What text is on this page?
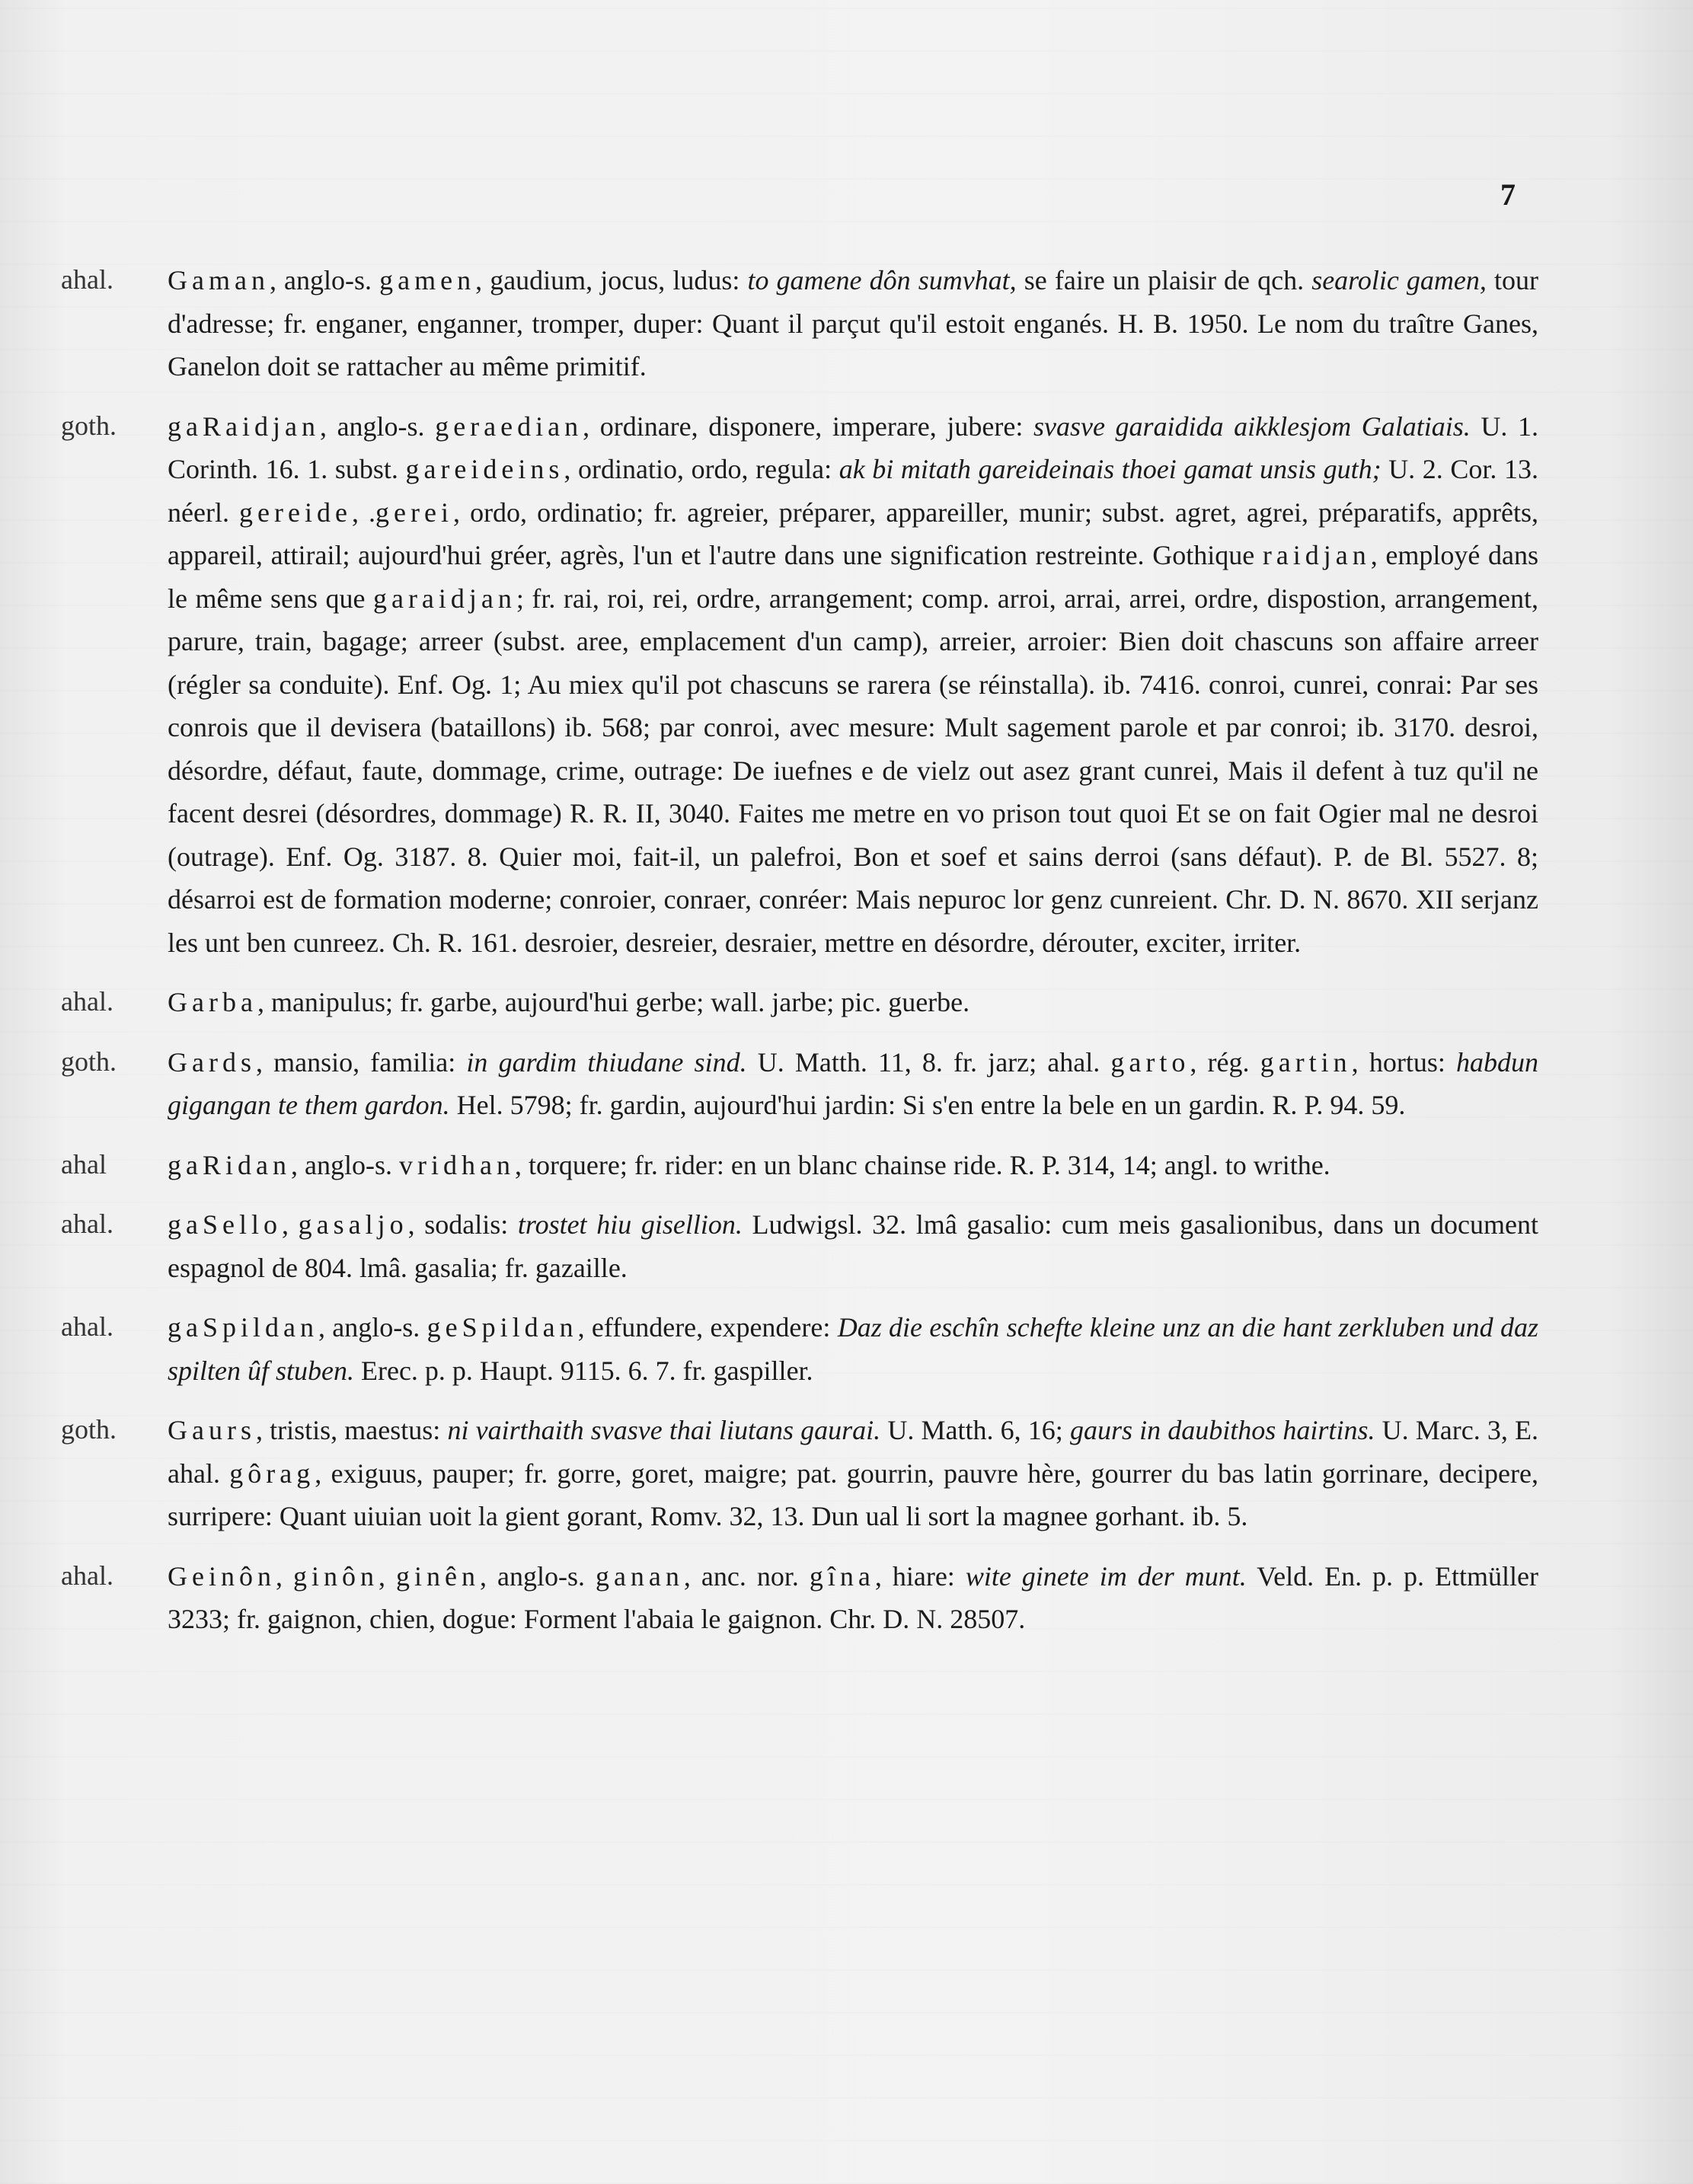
7
ahal.	Gaman, anglo-s. gamen, gaudium, jocus, ludus: to gamene dôn sumvhat, se faire un plaisir de qch. searolic gamen, tour d'adresse; fr. enganer, enganner, tromper, duper: Quant il parçut qu'il estoit enganés. H. B. 1950. Le nom du traître Ganes, Ganelon doit se rattacher au même primitif.
goth.	gaRaidjan, anglo-s. geraedian, ordinare, disponere, imperare, jubere: svasve garaidida aikklesjom Galatiais. U. 1. Corinth. 16. 1. subst. gareideins, ordinatio, ordo, regula: ak bi mitath gareideinais thoei gamat unsis guth; U. 2. Cor. 13. néerl. gereide, .gerei, ordo, ordinatio; fr. agreier, préparer, appareiller, munir; subst. agret, agrei, préparatifs, apprêts, appareil, attirail; aujourd'hui gréer, agrès, l'un et l'autre dans une signification restreinte. Gothique raidjan, employé dans le même sens que garaidjan; fr. rai, roi, rei, ordre, arrangement; comp. arroi, arrai, arrei, ordre, dispostion, arrangement, parure, train, bagage; arreer (subst. aree, emplacement d'un camp), arreier, arroier: Bien doit chascuns son affaire arreer (régler sa conduite). Enf. Og. 1; Au miex qu'il pot chascuns se rarera (se réinstalla). ib. 7416. conroi, cunrei, conrai: Par ses conrois que il devisera (bataillons) ib. 568; par conroi, avec mesure: Mult sagement parole et par conroi; ib. 3170. desroi, désordre, défaut, faute, dommage, crime, outrage: De iuefnes e de vielz out asez grant cunrei, Mais il defent à tuz qu'il ne facent desrei (désordres, dommage) R. R. II, 3040. Faites me metre en vo prison tout quoi Et se on fait Ogier mal ne desroi (outrage). Enf. Og. 3187. 8. Quier moi, fait-il, un palefroi, Bon et soef et sains derroi (sans défaut). P. de Bl. 5527. 8; désarroi est de formation moderne; conroier, conraer, conréer: Mais nepuroc lor genz cunreient. Chr. D. N. 8670. XII serjanz les unt ben cunreez. Ch. R. 161. desroier, desreier, desraier, mettre en désordre, dérouter, exciter, irriter.
ahal.	Garba, manipulus; fr. garbe, aujourd'hui gerbe; wall. jarbe; pic. guerbe.
goth.	Gards, mansio, familia: in gardim thiudane sind. U. Matth. 11, 8. fr. jarz; ahal. garto, rég. gartin, hortus: habdun gigangan te them gardon. Hel. 5798; fr. gardin, aujourd'hui jardin: Si s'en entre la bele en un gardin. R. P. 94. 59.
ahal	gaRidan, anglo-s. vridhan, torquere; fr. rider: en un blanc chainse ride. R. P. 314, 14; angl. to writhe.
ahal.	gaSello, gasaljo, sodalis: trostet hiu gisellion. Ludwigsl. 32. lmâ gasalio: cum meis gasalionibus, dans un document espagnol de 804. lmâ. gasalia; fr. gazaille.
ahal.	gaSpildan, anglo-s. geSpildan, effundere, expendere: Daz die eschîn schefte kleine unz an die hant zerkluben und daz spilten ûf stuben. Erec. p. p. Haupt. 9115. 6. 7. fr. gaspiller.
goth.	Gaurs, tristis, maestus: ni vairthaith svasve thai liutans gaurai. U. Matth. 6, 16; gaurs in daubithos hairtins. U. Marc. 3, E. ahal. gôrag, exiguus, pauper; fr. gorre, goret, maigre; pat. gourrin, pauvre hère, gourrer du bas latin gorrinare, decipere, surripere: Quant uiuian uoit la gient gorant, Romv. 32, 13. Dun ual li sort la magnee gorhant. ib. 5.
ahal.	Geinôn, ginôn, ginên, anglo-s. ganan, anc. nor. gîna, hiare: wite ginete im der munt. Veld. En. p. p. Ettmüller 3233; fr. gaignon, chien, dogue: Forment l'abaia le gaignon. Chr. D. N. 28507.
